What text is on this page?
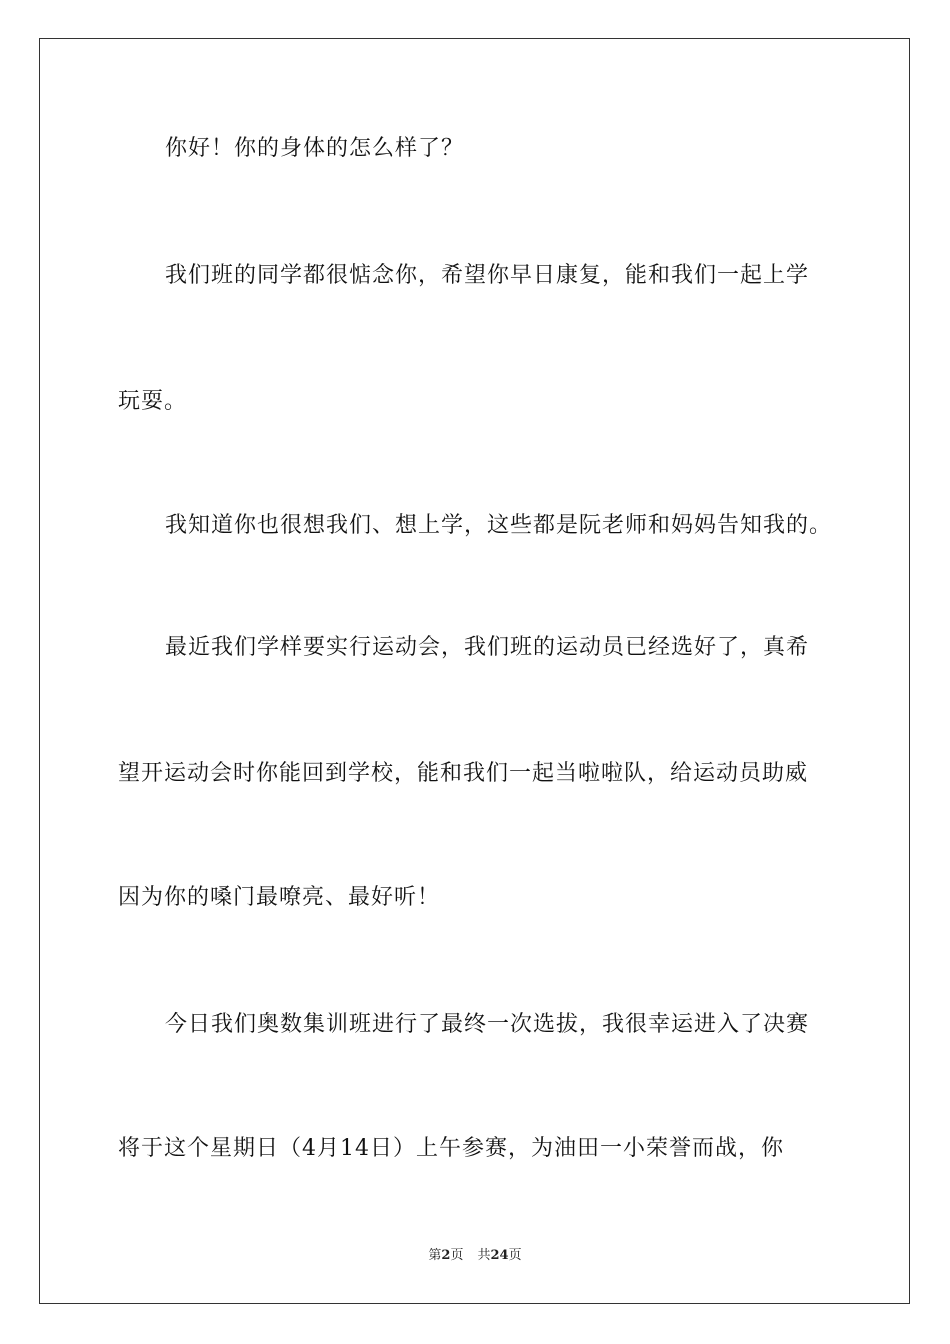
你好！你的身体的怎么样了？
我们班的同学都很惦念你，希望你早日康复，能和我们一起上学
玩耍。
我知道你也很想我们、想上学，这些都是阮老师和妈妈告知我的。
最近我们学样要实行运动会，我们班的运动员已经选好了，真希
望开运动会时你能回到学校，能和我们一起当啦啦队，给运动员助威
因为你的嗓门最嘹亮、最好听！
今日我们奥数集训班进行了最终一次选拔，我很幸运进入了决赛
将于这个星期日（4月14日）上午参赛，为油田一小荣誉而战，你
第2页 共24页
